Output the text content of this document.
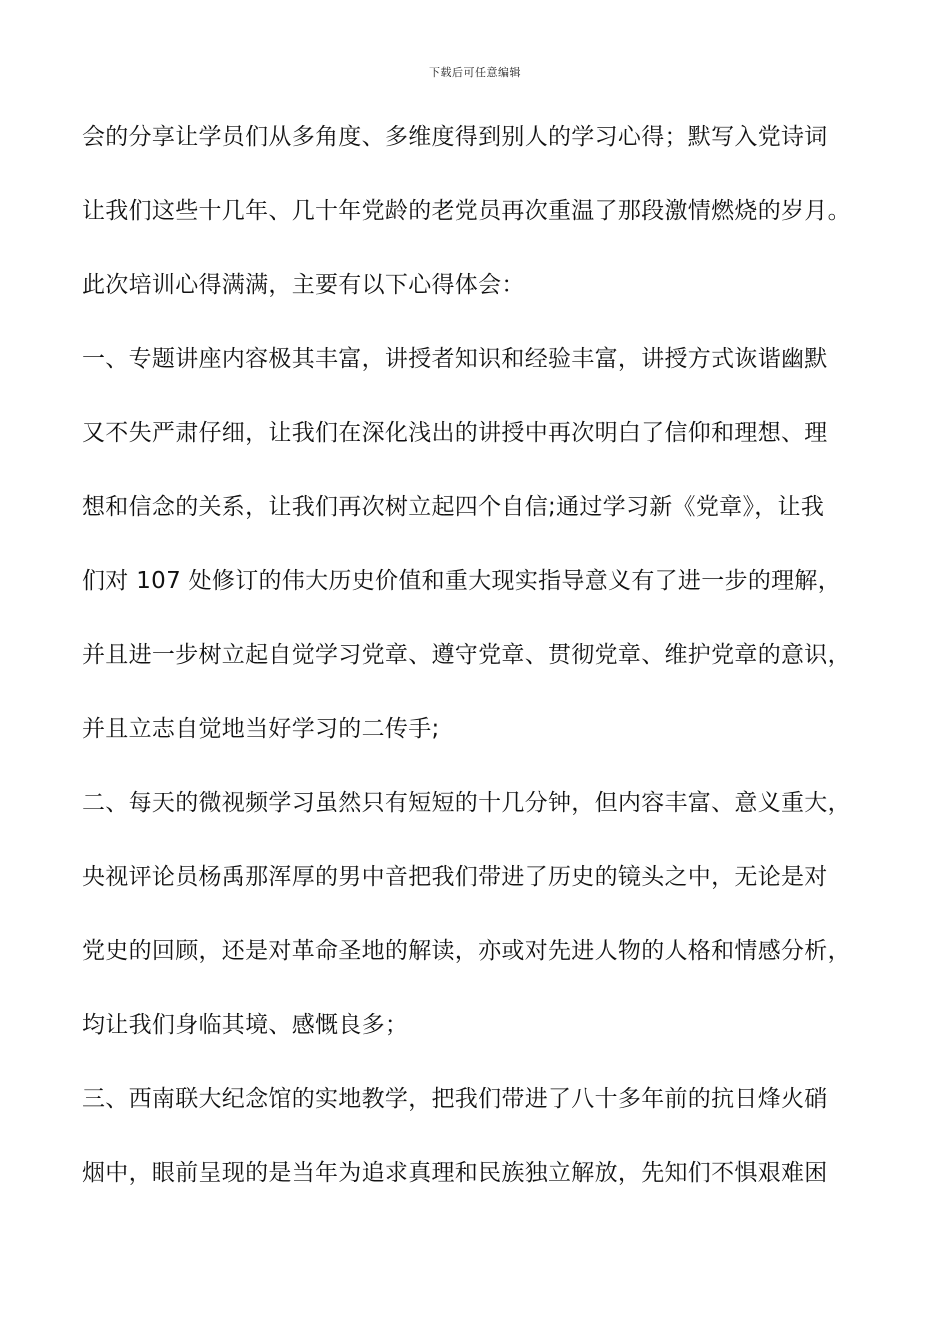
下载后可任意编辑
会的分享让学员们从多角度、多维度得到别人的学习心得；默写入党诗词
让我们这些十几年、几十年党龄的老党员再次重温了那段激情燃烧的岁月。
此次培训心得满满，主要有以下心得体会：
一、专题讲座内容极其丰富，讲授者知识和经验丰富，讲授方式诙谐幽默
又不失严肃仔细，让我们在深化浅出的讲授中再次明白了信仰和理想、理
想和信念的关系，让我们再次树立起四个自信;通过学习新《党章》，让我
们对 107 处修订的伟大历史价值和重大现实指导意义有了进一步的理解，
并且进一步树立起自觉学习党章、遵守党章、贯彻党章、维护党章的意识，
并且立志自觉地当好学习的二传手;
二、每天的微视频学习虽然只有短短的十几分钟，但内容丰富、意义重大，
央视评论员杨禹那浑厚的男中音把我们带进了历史的镜头之中，无论是对
党史的回顾，还是对革命圣地的解读，亦或对先进人物的人格和情感分析，
均让我们身临其境、感慨良多；
三、西南联大纪念馆的实地教学，把我们带进了八十多年前的抗日烽火硝
烟中，眼前呈现的是当年为追求真理和民族独立解放，先知们不惧艰难困
